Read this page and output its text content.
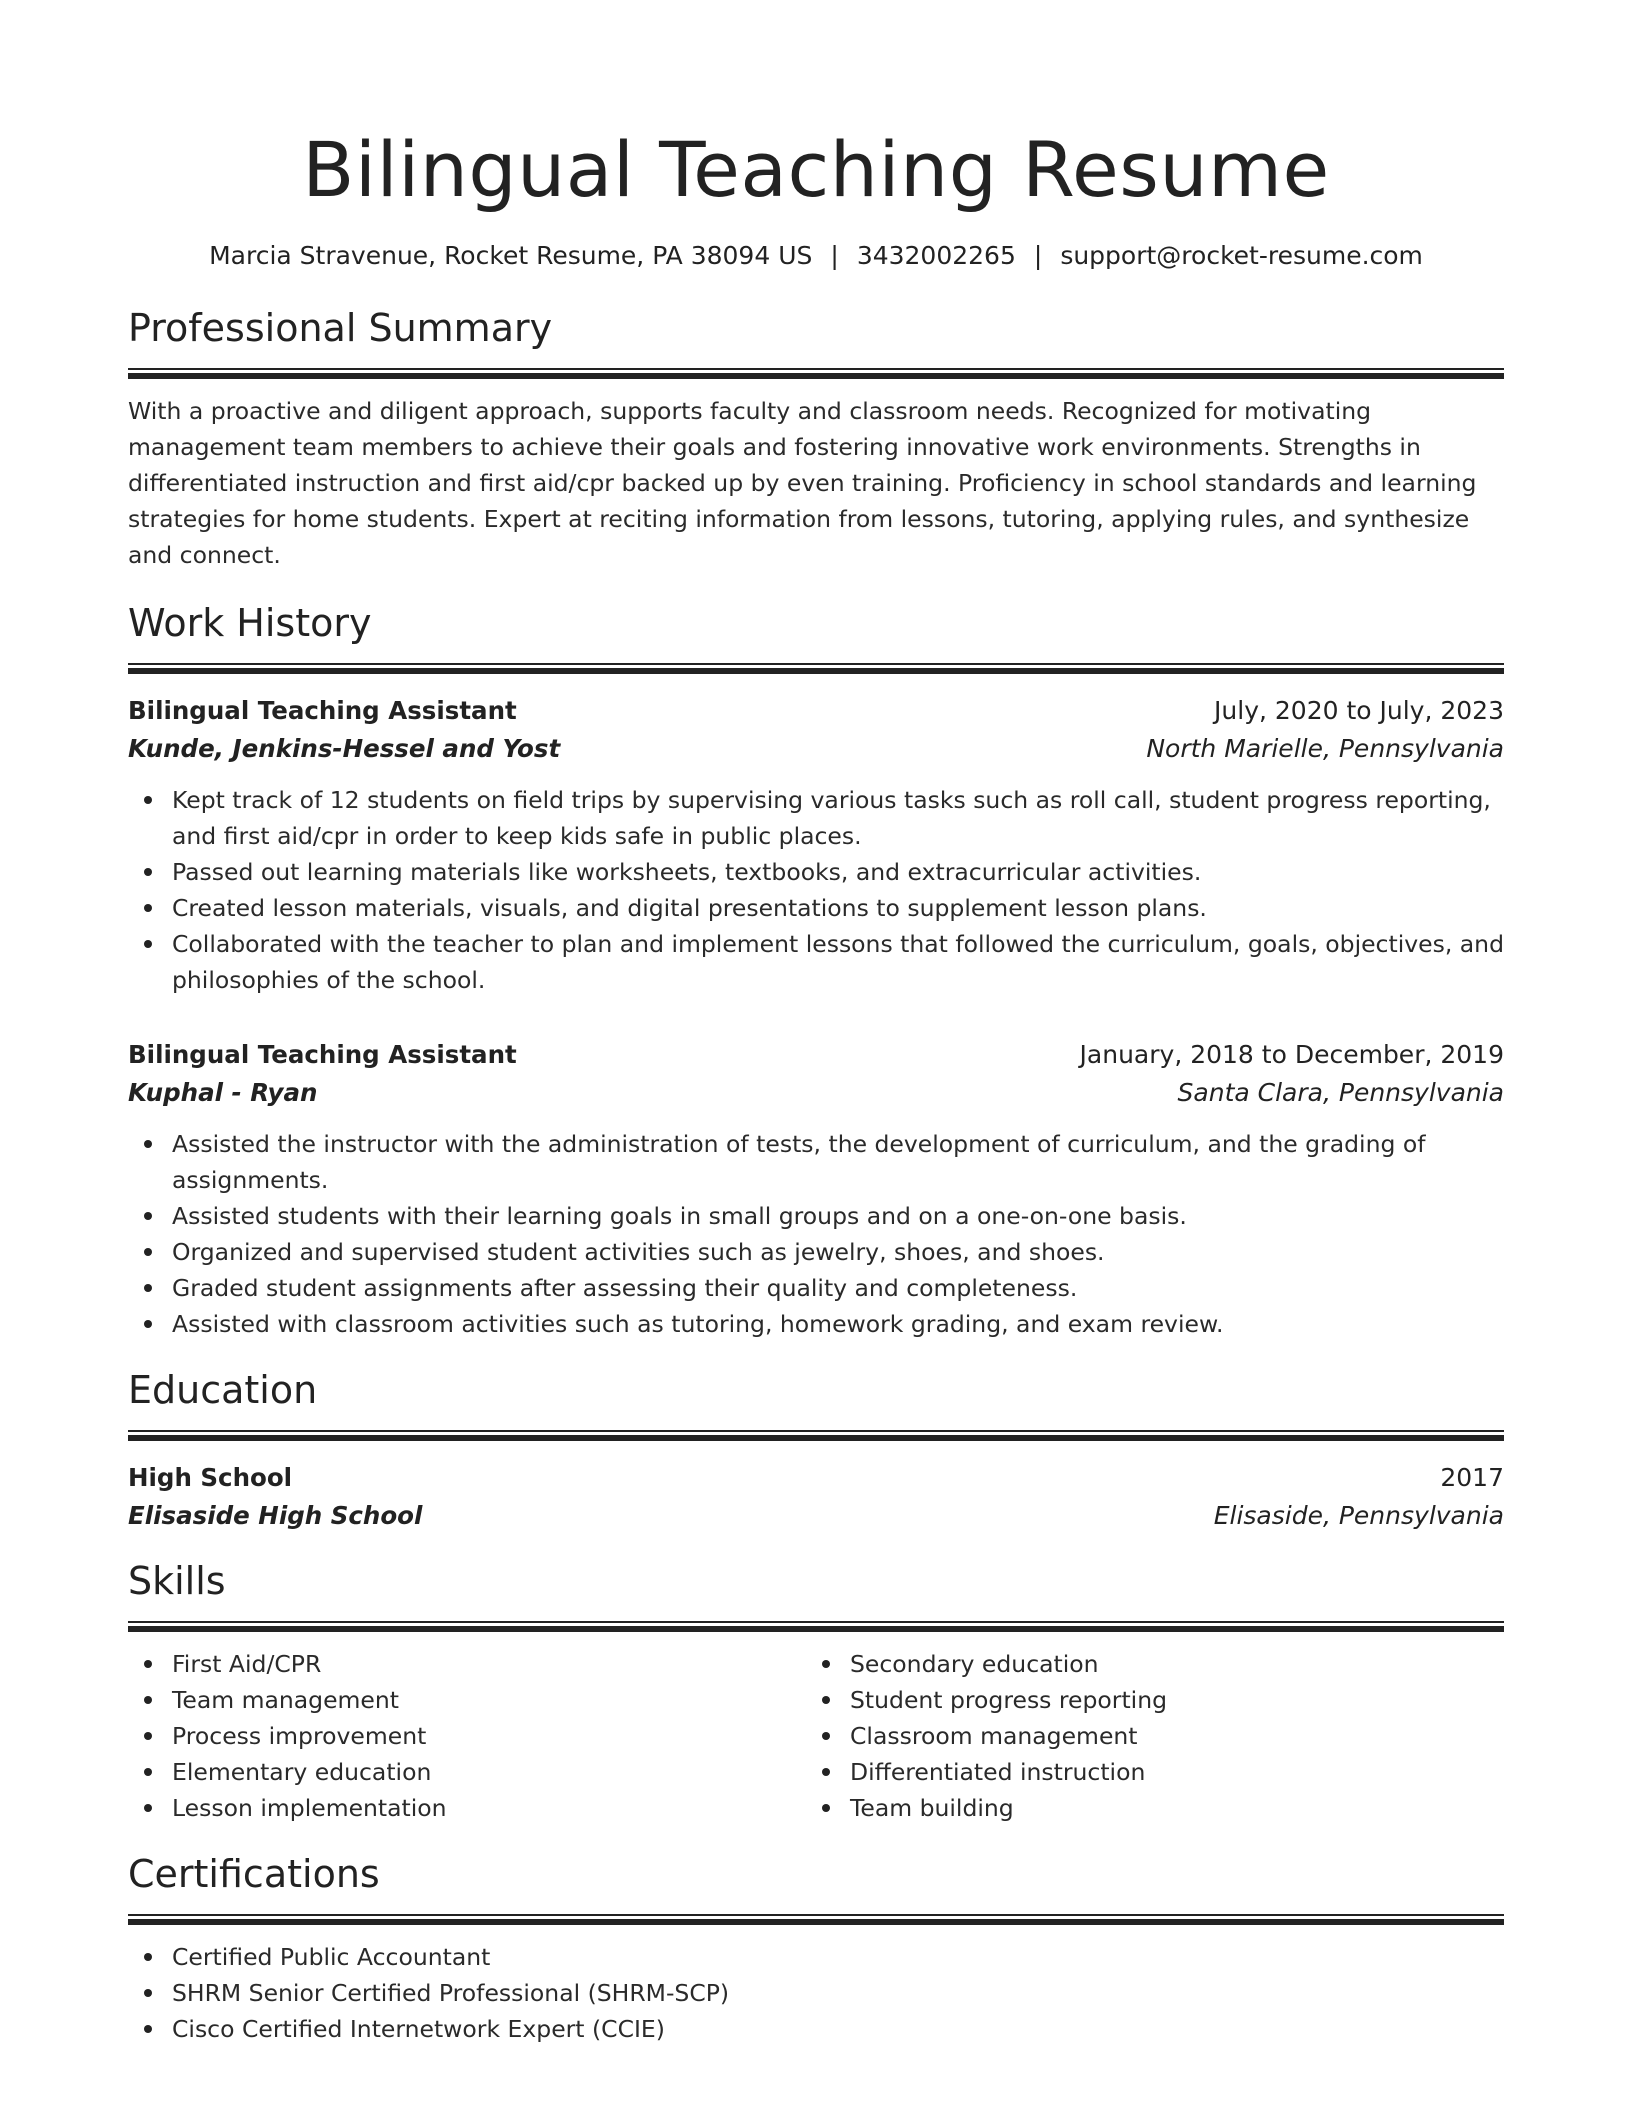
Bilingual Teaching Resume
Marcia Stravenue, Rocket Resume, PA 38094 US | 3432002265 | support@rocket-resume.com
Professional Summary
With a proactive and diligent approach, supports faculty and classroom needs. Recognized for motivating management team members to achieve their goals and fostering innovative work environments. Strengths in differentiated instruction and first aid/cpr backed up by even training. Proficiency in school standards and learning strategies for home students. Expert at reciting information from lessons, tutoring, applying rules, and synthesize and connect.
Work History
Bilingual Teaching Assistant	July, 2020 to July, 2023
Kunde, Jenkins-Hessel and Yost	North Marielle, Pennsylvania
Kept track of 12 students on field trips by supervising various tasks such as roll call, student progress reporting, and first aid/cpr in order to keep kids safe in public places.
Passed out learning materials like worksheets, textbooks, and extracurricular activities.
Created lesson materials, visuals, and digital presentations to supplement lesson plans.
Collaborated with the teacher to plan and implement lessons that followed the curriculum, goals, objectives, and philosophies of the school.
Bilingual Teaching Assistant	January, 2018 to December, 2019
Kuphal - Ryan	Santa Clara, Pennsylvania
Assisted the instructor with the administration of tests, the development of curriculum, and the grading of assignments.
Assisted students with their learning goals in small groups and on a one-on-one basis.
Organized and supervised student activities such as jewelry, shoes, and shoes.
Graded student assignments after assessing their quality and completeness.
Assisted with classroom activities such as tutoring, homework grading, and exam review.
Education
High School	2017
Elisaside High School	Elisaside, Pennsylvania
Skills
First Aid/CPR
Team management
Process improvement
Elementary education
Lesson implementation
Secondary education
Student progress reporting
Classroom management
Differentiated instruction
Team building
Certifications
Certified Public Accountant
SHRM Senior Certified Professional (SHRM-SCP)
Cisco Certified Internetwork Expert (CCIE)
